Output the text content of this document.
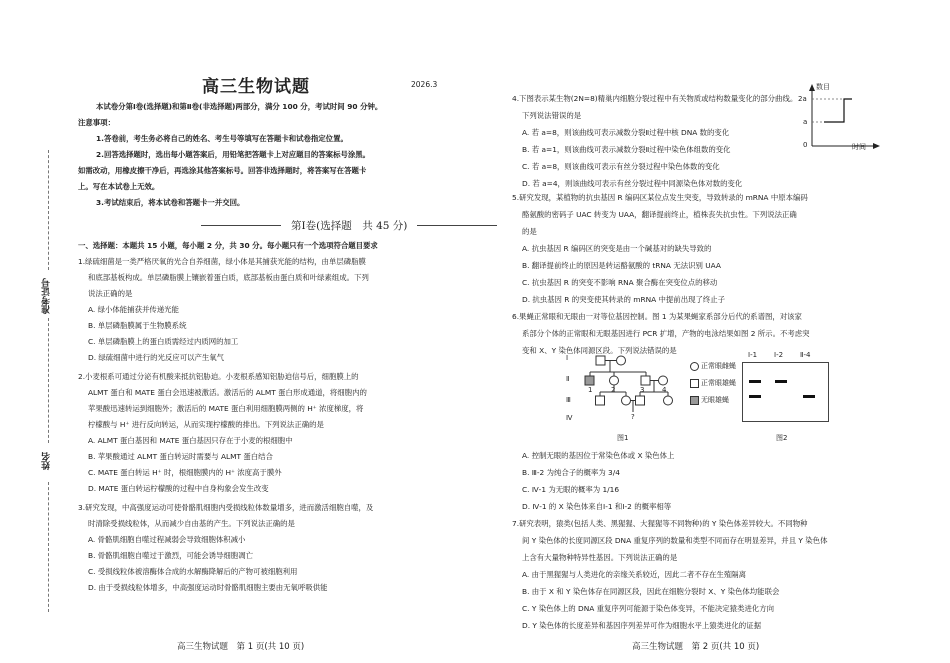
准考证号
姓名
高三生物试题	2026.3
本试卷分第Ⅰ卷(选择题)和第Ⅱ卷(非选择题)两部分，满分 100 分，考试时间 90 分钟。
注意事项：
1.答卷前，考生务必将自己的姓名、考生号等填写在答题卡和试卷指定位置。
2.回答选择题时，选出每小题答案后，用铅笔把答题卡上对应题目的答案标号涂黑。
如需改动，用橡皮擦干净后，再选涂其他答案标号。回答非选择题时，将答案写在答题卡
上。写在本试卷上无效。
3.考试结束后，将本试卷和答题卡一并交回。
第Ⅰ卷(选择题　共 45 分)
一、选择题：本题共 15 小题，每小题 2 分，共 30 分。每小题只有一个选项符合题目要求
1.绿硫细菌是一类严格厌氧的光合自养细菌，绿小体是其捕获光能的结构，由单层磷脂膜
和底部基板构成。单层磷脂膜上镶嵌着蛋白质，底部基板由蛋白质和叶绿素组成。下列
说法正确的是
A. 绿小体能捕获并传递光能
B. 单层磷脂膜属于生物膜系统
C. 单层磷脂膜上的蛋白质需经过内质网的加工
D. 绿硫细菌中进行的光反应可以产生氧气
2.小麦根系可通过分泌有机酸来抵抗铝胁迫。小麦根系感知铝胁迫信号后，细胞膜上的
ALMT 蛋白和 MATE 蛋白会迅速被激活。激活后的 ALMT 蛋白形成通道，将细胞内的
苹果酸迅速转运到细胞外；激活后的 MATE 蛋白利用细胞膜两侧的 H⁺ 浓度梯度，将
柠檬酸与 H⁺ 进行反向转运，从而实现柠檬酸的排出。下列说法正确的是
A. ALMT 蛋白基因和 MATE 蛋白基因只存在于小麦的根细胞中
B. 苹果酸通过 ALMT 蛋白转运时需要与 ALMT 蛋白结合
C. MATE 蛋白转运 H⁺ 时，根细胞膜内的 H⁺ 浓度高于膜外
D. MATE 蛋白转运柠檬酸的过程中自身构象会发生改变
3.研究发现，中高强度运动可使骨骼肌细胞内受损线粒体数量增多，进而激活细胞自噬，及
时清除受损线粒体，从而减少自由基的产生。下列说法正确的是
A. 骨骼肌细胞自噬过程减弱会导致细胞体积减小
B. 骨骼肌细胞自噬过于激烈，可能会诱导细胞凋亡
C. 受损线粒体被溶酶体合成的水解酶降解后的产物可被细胞利用
D. 由于受损线粒体增多，中高强度运动时骨骼肌细胞主要由无氧呼吸供能
高三生物试题　第 1 页(共 10 页)
4.下图表示某生物(2N=8)精巢内细胞分裂过程中有关物质或结构数量变化的部分曲线。
下列说法错误的是
A. 若 a=8，则该曲线可表示减数分裂Ⅱ过程中核 DNA 数的变化
B. 若 a=1，则该曲线可表示减数分裂Ⅱ过程中染色体组数的变化
C. 若 a=8，则该曲线可表示有丝分裂过程中染色体数的变化
D. 若 a=4，则该曲线可表示有丝分裂过程中同源染色体对数的变化
数目
2a
a
0	时间
5.研究发现，某植物的抗虫基因 R 编码区某位点发生突变，导致转录的 mRNA 中原本编码
酪氨酸的密码子 UAC 转变为 UAA，翻译提前终止，植株丧失抗虫性。下列说法正确
的是
A. 抗虫基因 R 编码区的突变是由一个碱基对的缺失导致的
B. 翻译提前终止的原因是转运酪氨酸的 tRNA 无法识别 UAA
C. 抗虫基因 R 的突变不影响 RNA 聚合酶在突变位点的移动
D. 抗虫基因 R 的突变使其转录的 mRNA 中提前出现了终止子
6.果蝇正常眼和无眼由一对等位基因控制。图 1 为某果蝇家系部分后代的系谱图，对该家
系部分个体的正常眼和无眼基因进行 PCR 扩增，产物的电泳结果如图 2 所示。不考虑突
变和 X、Y 染色体同源区段。下列说法错误的是
Ⅰ
Ⅱ
Ⅲ
Ⅳ
1	2	3	4
?
图1
正常眼雌蝇
正常眼雄蝇
无眼雄蝇
Ⅰ-1 Ⅰ-2 Ⅱ-4
图2
A. 控制无眼的基因位于常染色体或 X 染色体上
B. Ⅲ-2 为纯合子的概率为 3/4
C. Ⅳ-1 为无眼的概率为 1/16
D. Ⅳ-1 的 X 染色体来自Ⅰ-1 和Ⅰ-2 的概率相等
7.研究表明，猿类(包括人类、黑猩猩、大猩猩等不同物种)的 Y 染色体差异较大。不同物种
间 Y 染色体的长度同源区段 DNA 重复序列的数量和类型不同而存在明显差异，并且 Y 染色体
上含有大量物种特异性基因。下列说法正确的是
A. 由于黑猩猩与人类进化的亲缘关系较近，因此二者不存在生殖隔离
B. 由于 X 和 Y 染色体存在同源区段，因此在细胞分裂时 X、Y 染色体均能联会
C. Y 染色体上的 DNA 重复序列可能源于染色体变异，不能决定猿类进化方向
D. Y 染色体的长度差异和基因序列差异可作为细胞水平上猿类进化的证据
高三生物试题　第 2 页(共 10 页)
